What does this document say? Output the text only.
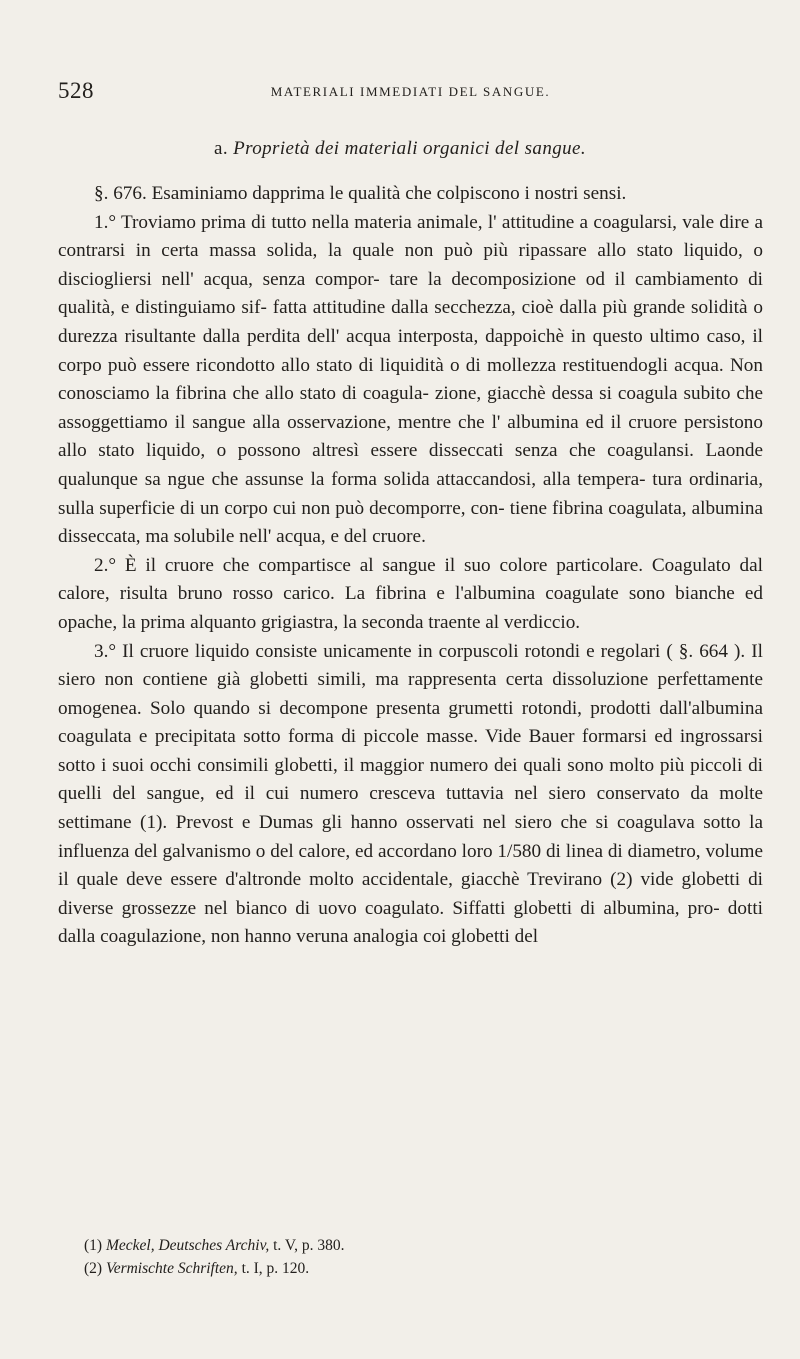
528	MATERIALI IMMEDIATI DEL SANGUE.
a. Proprietà dei materiali organici del sangue.

§. 676. Esaminiamo dapprima le qualità che colpiscono i nostri sensi.

1.° Troviamo prima di tutto nella materia animale, l' attitudine a coagularsi, vale dire a contrarsi in certa massa solida, la quale non può più ripassare allo stato liquido, o disciogliersi nell' acqua, senza compor- tare la decomposizione od il cambiamento di qualità, e distinguiamo sif- fatta attitudine dalla secchezza, cioè dalla più grande solidità o durezza risultante dalla perdita dell' acqua interposta, dappoichè in questo ultimo caso, il corpo può essere ricondotto allo stato di liquidità o di mollezza restituendogli acqua. Non conosciamo la fibrina che allo stato di coagula- zione, giacchè dessa si coagula subito che assoggettiamo il sangue alla osservazione, mentre che l' albumina ed il cruore persistono allo stato liquido, o possono altresì essere disseccati senza che coagulansi. Laonde qualunque sa ngue che assunse la forma solida attaccandosi, alla tempera- tura ordinaria, sulla superficie di un corpo cui non può decomporre, con- tiene fibrina coagulata, albumina disseccata, ma solubile nell' acqua, e del cruore.

2.° È il cruore che compartisce al sangue il suo colore particolare. Coagulato dal calore, risulta bruno rosso carico. La fibrina e l'albumina coagulate sono bianche ed opache, la prima alquanto grigiastra, la seconda traente al verdiccio.

3.° Il cruore liquido consiste unicamente in corpuscoli rotondi e regolari ( §. 664 ). Il siero non contiene già globetti simili, ma rappresenta certa dissoluzione perfettamente omogenea. Solo quando si decompone presenta grumetti rotondi, prodotti dall'albumina coagulata e precipitata sotto forma di piccole masse. Vide Bauer formarsi ed ingrossarsi sotto i suoi occhi consimili globetti, il maggior numero dei quali sono molto più piccoli di quelli del sangue, ed il cui numero cresceva tuttavia nel siero conservato da molte settimane (1). Prevost e Dumas gli hanno osservati nel siero che si coagulava sotto la influenza del galvanismo o del calore, ed accordano loro 1/580 di linea di diametro, volume il quale deve essere d'altronde molto accidentale, giacchè Treviranо (2) vide globetti di diverse grossezze nel bianco di uovo coagulato. Siffatti globetti di albumina, pro- dotti dalla coagulazione, non hanno veruna analogia coi globetti del

(1) Meckel, Deutsches Archiv, t. V, p. 380.
(2) Vermischte Schriften, t. I, p. 120.
